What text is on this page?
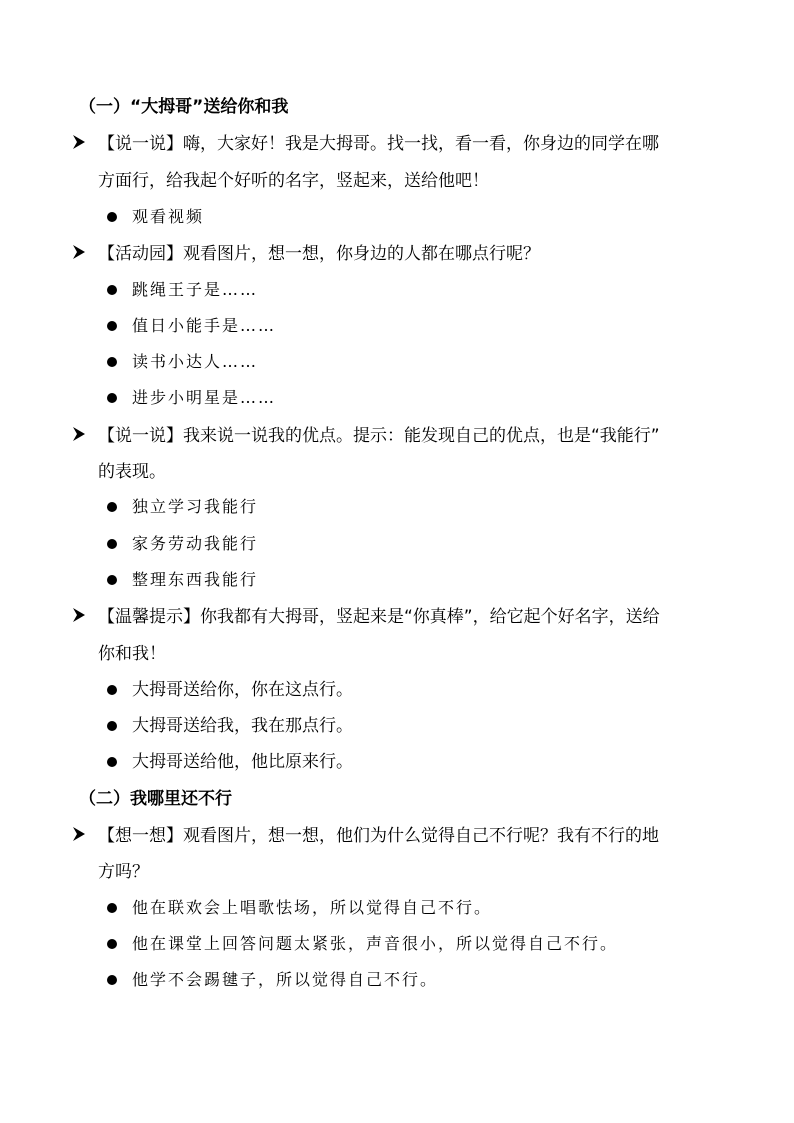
（一）“大拇哥”送给你和我
【说一说】嗨，大家好！我是大拇哥。找一找，看一看，你身边的同学在哪
方面行，给我起个好听的名字，竖起来，送给他吧！
观看视频
【活动园】观看图片，想一想，你身边的人都在哪点行呢？
跳绳王子是……
值日小能手是……
读书小达人……
进步小明星是……
【说一说】我来说一说我的优点。提示：能发现自己的优点，也是“我能行”
的表现。
独立学习我能行
家务劳动我能行
整理东西我能行
【温馨提示】你我都有大拇哥，竖起来是“你真棒”，给它起个好名字，送给
你和我！
大拇哥送给你，你在这点行。
大拇哥送给我，我在那点行。
大拇哥送给他，他比原来行。
（二）我哪里还不行
【想一想】观看图片，想一想，他们为什么觉得自己不行呢？我有不行的地
方吗？
他在联欢会上唱歌怯场，所以觉得自己不行。
他在课堂上回答问题太紧张，声音很小，所以觉得自己不行。
他学不会踢毽子，所以觉得自己不行。
